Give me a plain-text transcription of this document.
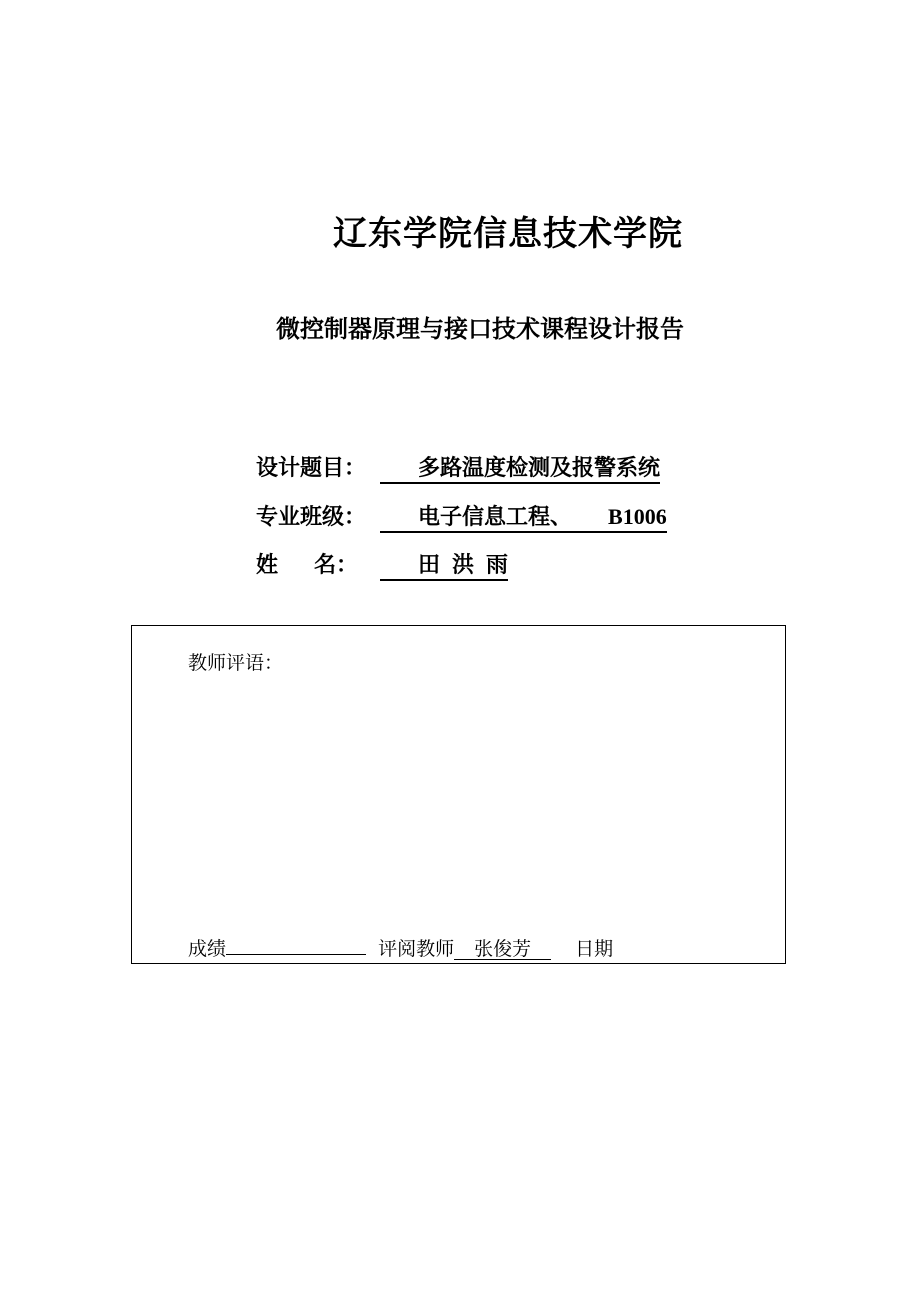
辽东学院信息技术学院
微控制器原理与接口技术课程设计报告
设计题目： 多路温度检测及报警系统
专业班级： 电子信息工程、 B1006
姓 名：	田 洪 雨
教师评语：
成绩	评阅教师 张俊芳 日期
